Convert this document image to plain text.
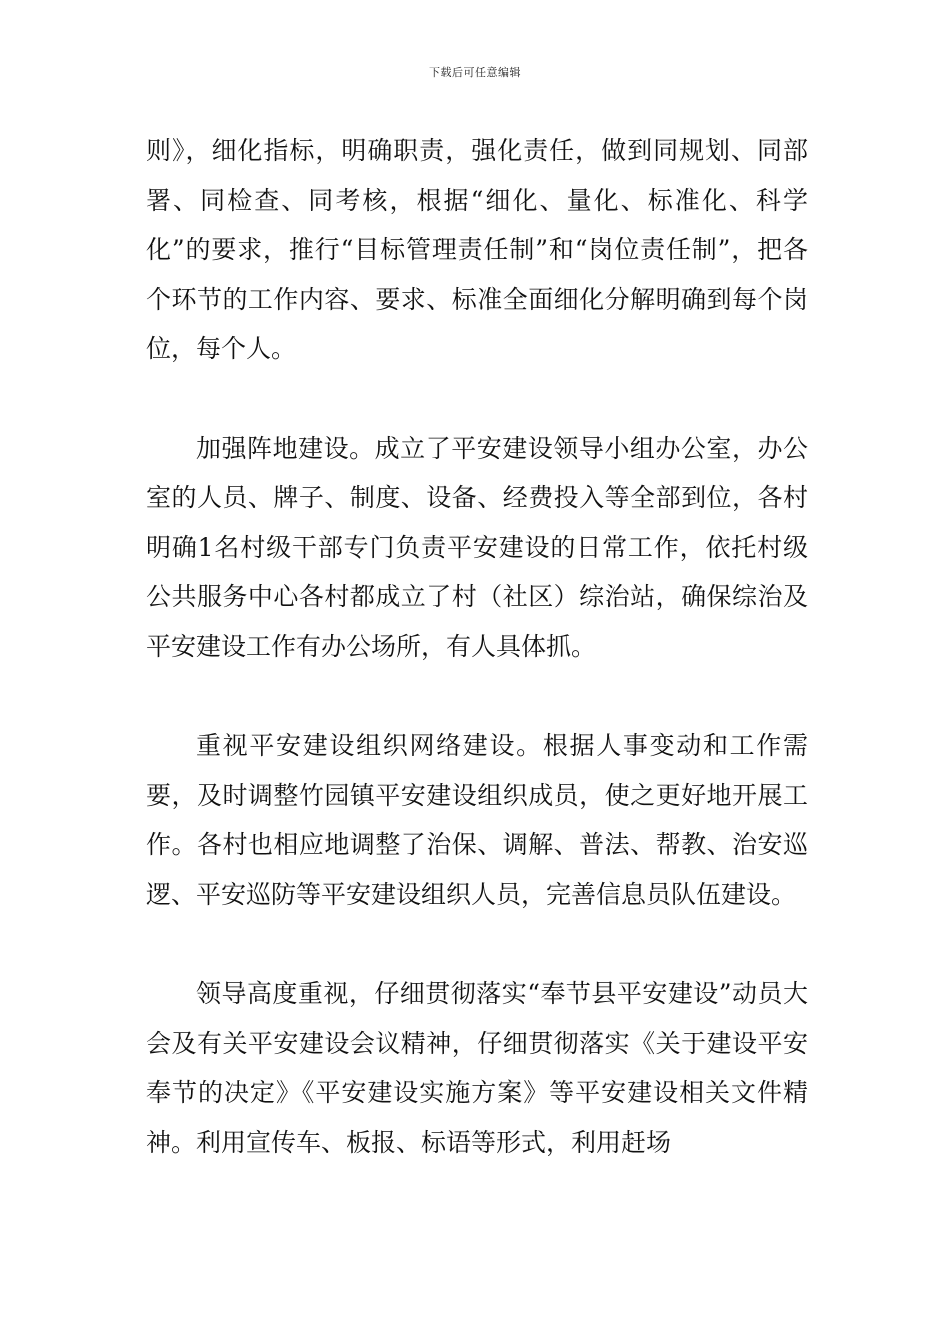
下载后可任意编辑

则》，细化指标，明确职责，强化责任，做到同规划、同部署、同检查、同考核，根据“细化、量化、标准化、科学化”的要求，推行“目标管理责任制”和“岗位责任制”，把各个环节的工作内容、要求、标准全面细化分解明确到每个岗位，每个人。

加强阵地建设。成立了平安建设领导小组办公室，办公室的人员、牌子、制度、设备、经费投入等全部到位，各村明确1名村级干部专门负责平安建设的日常工作，依托村级公共服务中心各村都成立了村（社区）综治站，确保综治及平安建设工作有办公场所，有人具体抓。

重视平安建设组织网络建设。根据人事变动和工作需要，及时调整竹园镇平安建设组织成员，使之更好地开展工作。各村也相应地调整了治保、调解、普法、帮教、治安巡逻、平安巡防等平安建设组织人员，完善信息员队伍建设。

领导高度重视，仔细贯彻落实“奉节县平安建设”动员大会及有关平安建设会议精神，仔细贯彻落实《关于建设平安奉节的决定》《平安建设实施方案》等平安建设相关文件精神。利用宣传车、板报、标语等形式，利用赶场
